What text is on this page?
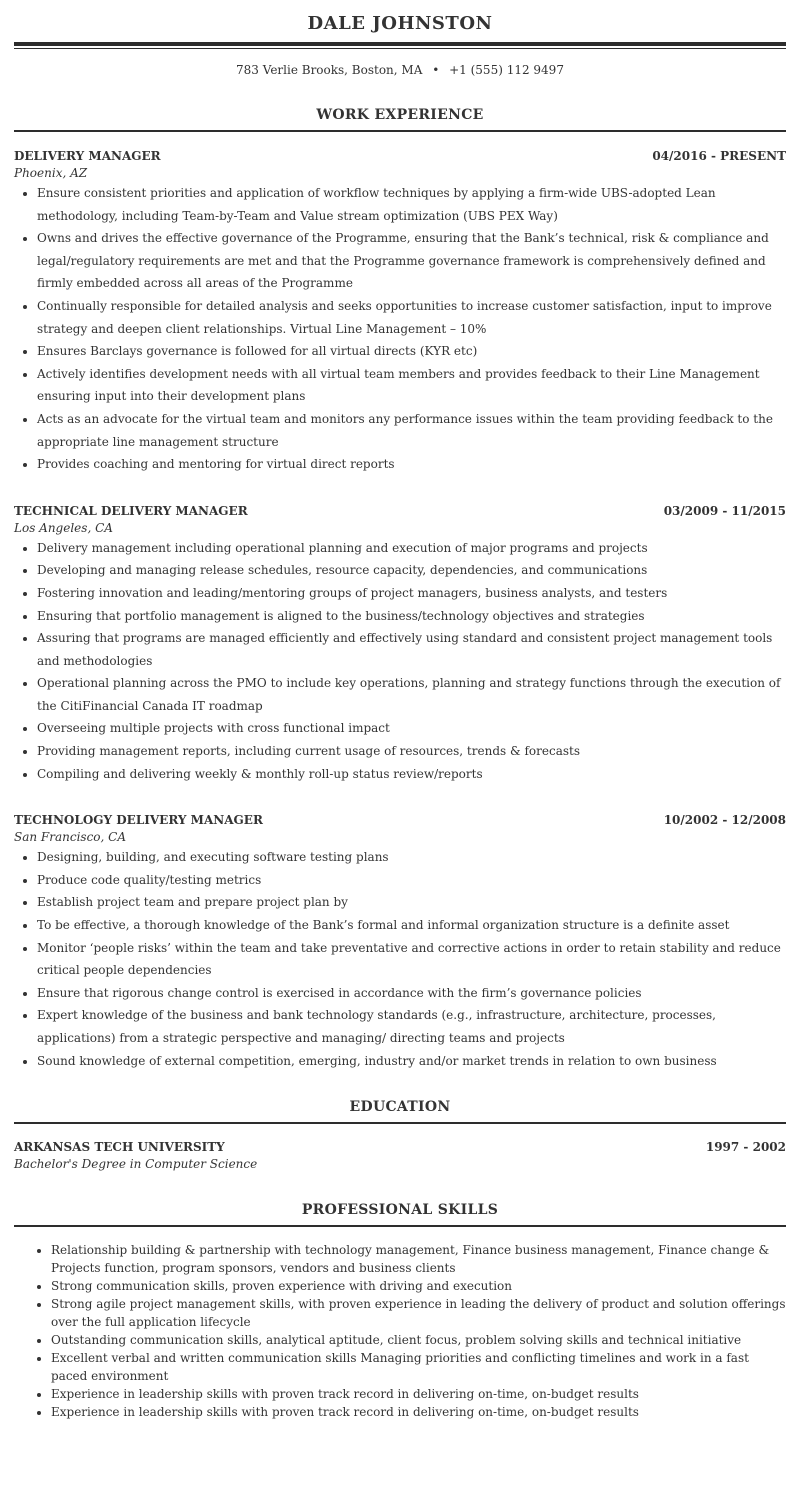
DALE JOHNSTON
783 Verlie Brooks, Boston, MA • +1 (555) 112 9497
WORK EXPERIENCE
DELIVERY MANAGER	04/2016 - PRESENT
Phoenix, AZ
• Ensure consistent priorities and application of workflow techniques by applying a firm-wide UBS-adopted Lean methodology, including Team-by-Team and Value stream optimization (UBS PEX Way)
• Owns and drives the effective governance of the Programme, ensuring that the Bank’s technical, risk & compliance and legal/regulatory requirements are met and that the Programme governance framework is comprehensively defined and firmly embedded across all areas of the Programme
• Continually responsible for detailed analysis and seeks opportunities to increase customer satisfaction, input to improve strategy and deepen client relationships. Virtual Line Management – 10%
• Ensures Barclays governance is followed for all virtual directs (KYR etc)
• Actively identifies development needs with all virtual team members and provides feedback to their Line Management ensuring input into their development plans
• Acts as an advocate for the virtual team and monitors any performance issues within the team providing feedback to the appropriate line management structure
• Provides coaching and mentoring for virtual direct reports
TECHNICAL DELIVERY MANAGER	03/2009 - 11/2015
Los Angeles, CA
• Delivery management including operational planning and execution of major programs and projects
• Developing and managing release schedules, resource capacity, dependencies, and communications
• Fostering innovation and leading/mentoring groups of project managers, business analysts, and testers
• Ensuring that portfolio management is aligned to the business/technology objectives and strategies
• Assuring that programs are managed efficiently and effectively using standard and consistent project management tools and methodologies
• Operational planning across the PMO to include key operations, planning and strategy functions through the execution of the CitiFinancial Canada IT roadmap
• Overseeing multiple projects with cross functional impact
• Providing management reports, including current usage of resources, trends & forecasts
• Compiling and delivering weekly & monthly roll-up status review/reports
TECHNOLOGY DELIVERY MANAGER	10/2002 - 12/2008
San Francisco, CA
• Designing, building, and executing software testing plans
• Produce code quality/testing metrics
• Establish project team and prepare project plan by
• To be effective, a thorough knowledge of the Bank’s formal and informal organization structure is a definite asset
• Monitor ‘people risks’ within the team and take preventative and corrective actions in order to retain stability and reduce critical people dependencies
• Ensure that rigorous change control is exercised in accordance with the firm’s governance policies
• Expert knowledge of the business and bank technology standards (e.g., infrastructure, architecture, processes, applications) from a strategic perspective and managing/ directing teams and projects
• Sound knowledge of external competition, emerging, industry and/or market trends in relation to own business
EDUCATION
ARKANSAS TECH UNIVERSITY	1997 - 2002
Bachelor's Degree in Computer Science
PROFESSIONAL SKILLS
• Relationship building & partnership with technology management, Finance business management, Finance change & Projects function, program sponsors, vendors and business clients
• Strong communication skills, proven experience with driving and execution
• Strong agile project management skills, with proven experience in leading the delivery of product and solution offerings over the full application lifecycle
• Outstanding communication skills, analytical aptitude, client focus, problem solving skills and technical initiative
• Excellent verbal and written communication skills Managing priorities and conflicting timelines and work in a fast paced environment
• Experience in leadership skills with proven track record in delivering on-time, on-budget results
• Experience in leadership skills with proven track record in delivering on-time, on-budget results
